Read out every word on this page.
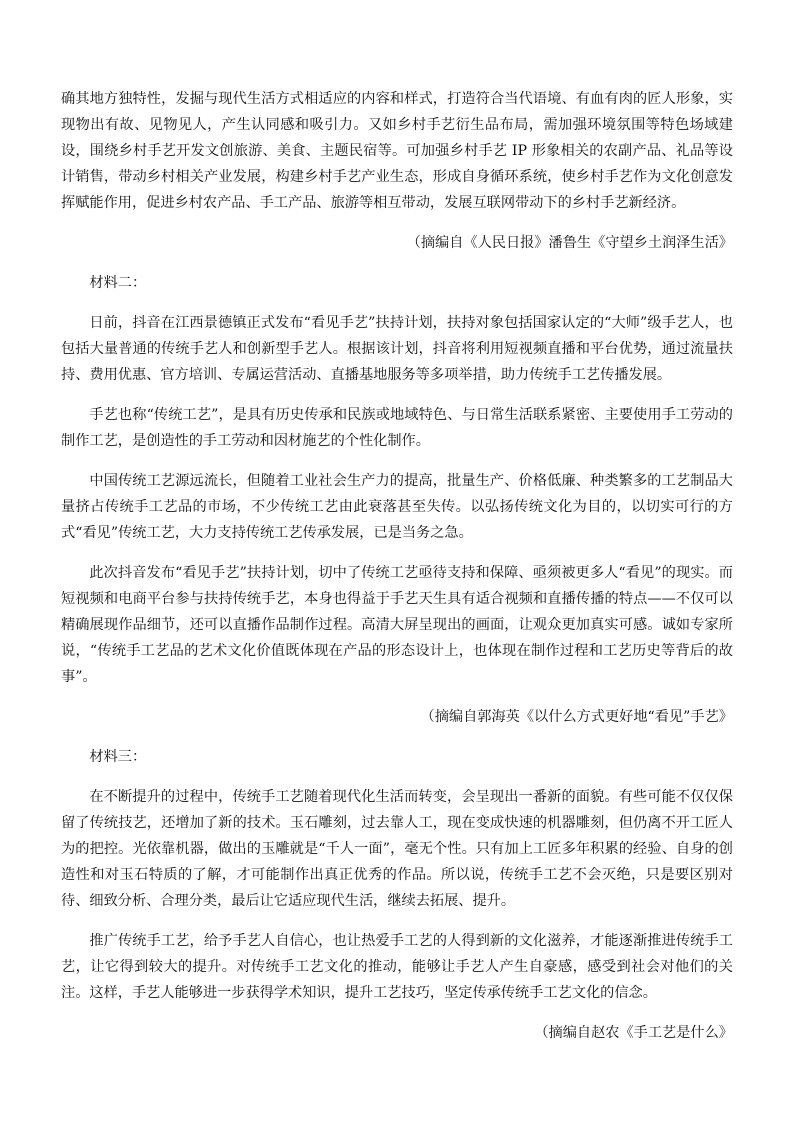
确其地方独特性，发掘与现代生活方式相适应的内容和样式，打造符合当代语境、有血有肉的匠人形象，实现物出有故、见物见人，产生认同感和吸引力。又如乡村手艺衍生品布局，需加强环境氛围等特色场域建设，围绕乡村手艺开发文创旅游、美食、主题民宿等。可加强乡村手艺 IP 形象相关的农副产品、礼品等设计销售，带动乡村相关产业发展，构建乡村手艺产业生态，形成自身循环系统，使乡村手艺作为文化创意发挥赋能作用，促进乡村农产品、手工产品、旅游等相互带动，发展互联网带动下的乡村手艺新经济。

（摘编自《人民日报》潘鲁生《守望乡土润泽生活》

材料二：

日前，抖音在江西景德镇正式发布“看见手艺”扶持计划，扶持对象包括国家认定的“大师”级手艺人，也包括大量普通的传统手艺人和创新型手艺人。根据该计划，抖音将利用短视频直播和平台优势，通过流量扶持、费用优惠、官方培训、专属运营活动、直播基地服务等多项举措，助力传统手工艺传播发展。

手艺也称“传统工艺”，是具有历史传承和民族或地域特色、与日常生活联系紧密、主要使用手工劳动的制作工艺，是创造性的手工劳动和因材施艺的个性化制作。

中国传统工艺源远流长，但随着工业社会生产力的提高，批量生产、价格低廉、种类繁多的工艺制品大量挤占传统手工艺品的市场，不少传统工艺由此衰落甚至失传。以弘扬传统文化为目的，以切实可行的方式“看见”传统工艺，大力支持传统工艺传承发展，已是当务之急。

此次抖音发布“看见手艺”扶持计划，切中了传统工艺亟待支持和保障、亟须被更多人“看见”的现实。而短视频和电商平台参与扶持传统手艺，本身也得益于手艺天生具有适合视频和直播传播的特点——不仅可以精确展现作品细节，还可以直播作品制作过程。高清大屏呈现出的画面，让观众更加真实可感。诚如专家所说，“传统手工艺品的艺术文化价值既体现在产品的形态设计上，也体现在制作过程和工艺历史等背后的故事”。

（摘编自郭海英《以什么方式更好地“看见”手艺》

材料三：

在不断提升的过程中，传统手工艺随着现代化生活而转变，会呈现出一番新的面貌。有些可能不仅仅保留了传统技艺，还增加了新的技术。玉石雕刻，过去靠人工，现在变成快速的机器雕刻，但仍离不开工匠人为的把控。光依靠机器，做出的玉雕就是“千人一面”，毫无个性。只有加上工匠多年积累的经验、自身的创造性和对玉石特质的了解，才可能制作出真正优秀的作品。所以说，传统手工艺不会灭绝，只是要区别对待、细致分析、合理分类，最后让它适应现代生活，继续去拓展、提升。

推广传统手工艺，给予手艺人自信心，也让热爱手工艺的人得到新的文化滋养，才能逐渐推进传统手工艺，让它得到较大的提升。对传统手工艺文化的推动，能够让手艺人产生自豪感，感受到社会对他们的关注。这样，手艺人能够进一步获得学术知识，提升工艺技巧，坚定传承传统手工艺文化的信念。

（摘编自赵农《手工艺是什么》
